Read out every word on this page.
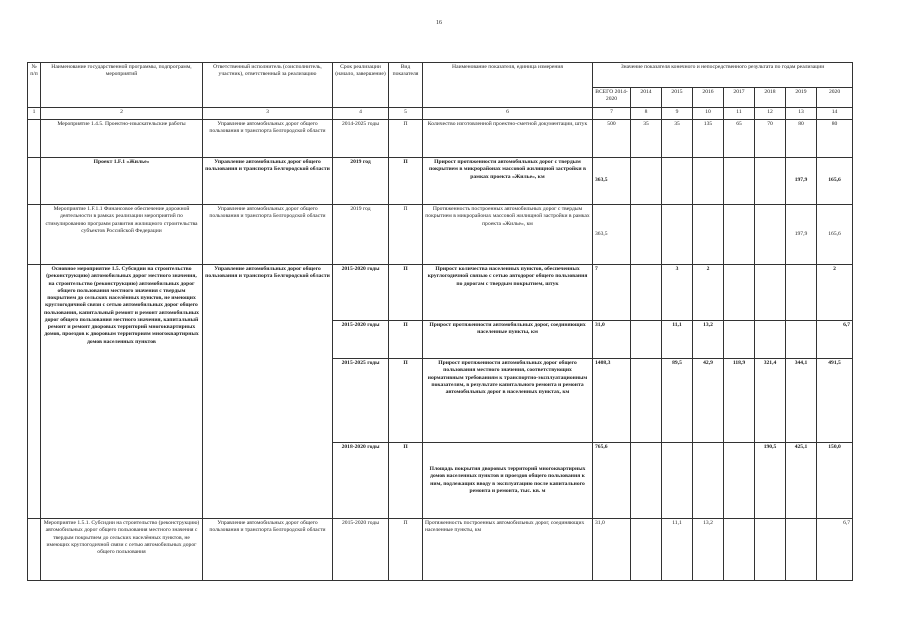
16
№ п/п	Наименование государственной программы, подпрограмм, мероприятий	Ответственный исполнитель (соисполнитель, участник), ответственный за реализацию	Срок реализации (начало, завершение)	Вид показателя	Наименование показателя, единица измерения	Значение показателя конечного и непосредственного результата по годам реализации							
						ВСЕГО 2014-2020	2014	2015	2016	2017	2018	2019	2020
1	2	3	4	5	6	7	8	9	10	11	12	13	14
	Мероприятие 1.4.5. Проектно-изыскательские работы	Управление автомобильных дорог общего пользования и транспорта Белгородской области	2014-2025 годы	П	Количество изготовленной проектно-сметной документации, штук	500	35	35	135	65	70	80	80
	Проект 1.F.1 «Жилье»	Управление автомобильных дорог общего пользования и транспорта Белгородской области	2019 год	П	Прирост протяженности автомобильных дорог с твердым покрытием в микрорайонах массовой жилищной застройки в рамках проекта «Жилье», км	363,5						197,9	165,6
	Мероприятие 1.F.1.1 Финансовое обеспечение дорожной деятельности в рамках реализации мероприятий по стимулированию программ развития жилищного строительства субъектов Российской Федерации	Управление автомобильных дорог общего пользования и транспорта Белгородской области	2019 год	П	Протяженность построенных автомобильных дорог с твердым покрытием в микрорайонах массовой жилищной застройки в рамках проекта «Жилье», км	363,5						197,9	165,6
	Основное мероприятие 1.5. Субсидии на строительство (реконструкцию) автомобильных дорог местного значения, на строительство (реконструкцию) автомобильных дорог общего пользования местного значения с твердым покрытием до сельских населённых пунктов, не имеющих круглогодичной связи с сетью автомобильных дорог общего пользования, капитальный ремонт и ремонт автомобильных дорог общего пользования местного значения, капитальный ремонт и ремонт дворовых территорий многоквартирных домов, проездов к дворовым территориям многоквартирных домов населенных пунктов	Управление автомобильных дорог общего пользования и транспорта Белгородской области	2015-2020 годы	П	Прирост количества населенных пунктов, обеспеченных круглогодичной связью с сетью автодорог общего пользования по дорогам с твердым покрытием, штук	7		3	2				2
			2015-2020 годы	П	Прирост протяженности автомобильных дорог, соединяющих населенные пункты, км	31,0		11,1	13,2				6,7
			2015-2025 годы	П	Прирост протяженности автомобильных дорог общего пользования местного значения, соответствующих нормативным требованиям к транспортно-эксплуатационным показателям, в результате капитального ремонта и ремонта автомобильных дорог в населенных пунктах, км	1408,3		89,5	42,9	118,9	321,4	344,1	491,5
			2018-2020 годы	П	Площадь покрытия дворовых территорий многоквартирных домов населенных пунктов и проездов общего пользования к ним, подлежащих вводу в эксплуатацию после капитального ремонта и ремонта, тыс. кв. м	765,6					190,5	425,1	150,0
	Мероприятие 1.5.1. Субсидии на строительство (реконструкцию) автомобильных дорог общего пользования местного значения с твердым покрытием до сельских населённых пунктов, не имеющих круглогодичной связи с сетью автомобильных дорог общего пользования	Управление автомобильных дорог общего пользования и транспорта Белгородской области	2015-2020 годы	П	Протяженность построенных автомобильных дорог, соединяющих населенные пункты, км	31,0		11,1	13,2				6,7
